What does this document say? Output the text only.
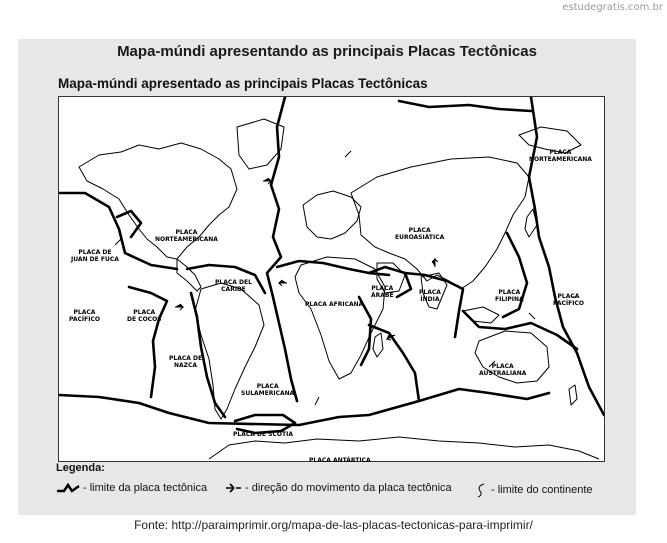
estudegratis.com.br
Mapa-múndi apresentando as principais Placas Tectônicas
Mapa-múndi apresentado as principais Placas Tectônicas
PLACA
NORTEAMERICANA
PLACA
NORTEAMERICANA
PLACA DE
JUAN DE FUCA
PLACA
EUROASIÁTICA
PLACA DEL
CARIBE	PLACA
ÁRABE	PLACA
ÍNDIA
PLACA
FILIPINA	PLACA
PACÍFICO
PLACA
PACÍFICO
PLACA
DE COCOS
PLACA AFRICANA
PLACA DE
NAZCA	PLACA
AUSTRALIANA
PLACA
SULAMERICANA
PLACA DE SCOTIA
PLACA ANTÁRTICA
Legenda:
- limite da placa tectônica	- direção do movimento da placa tectônica	- limite do continente
Fonte: http://paraimprimir.org/mapa-de-las-placas-tectonicas-para-imprimir/
